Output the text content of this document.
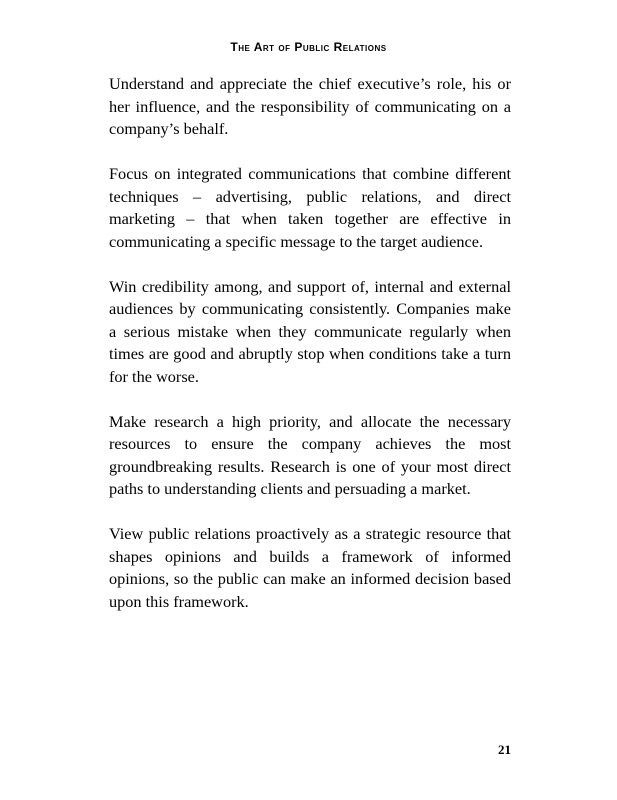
The Art of Public Relations

Understand and appreciate the chief executive’s role, his or her influence, and the responsibility of communicating on a company’s behalf.

Focus on integrated communications that combine different techniques – advertising, public relations, and direct marketing – that when taken together are effective in communicating a specific message to the target audience.

Win credibility among, and support of, internal and external audiences by communicating consistently. Companies make a serious mistake when they communicate regularly when times are good and abruptly stop when conditions take a turn for the worse.

Make research a high priority, and allocate the necessary resources to ensure the company achieves the most groundbreaking results. Research is one of your most direct paths to understanding clients and persuading a market.

View public relations proactively as a strategic resource that shapes opinions and builds a framework of informed opinions, so the public can make an informed decision based upon this framework.

21
